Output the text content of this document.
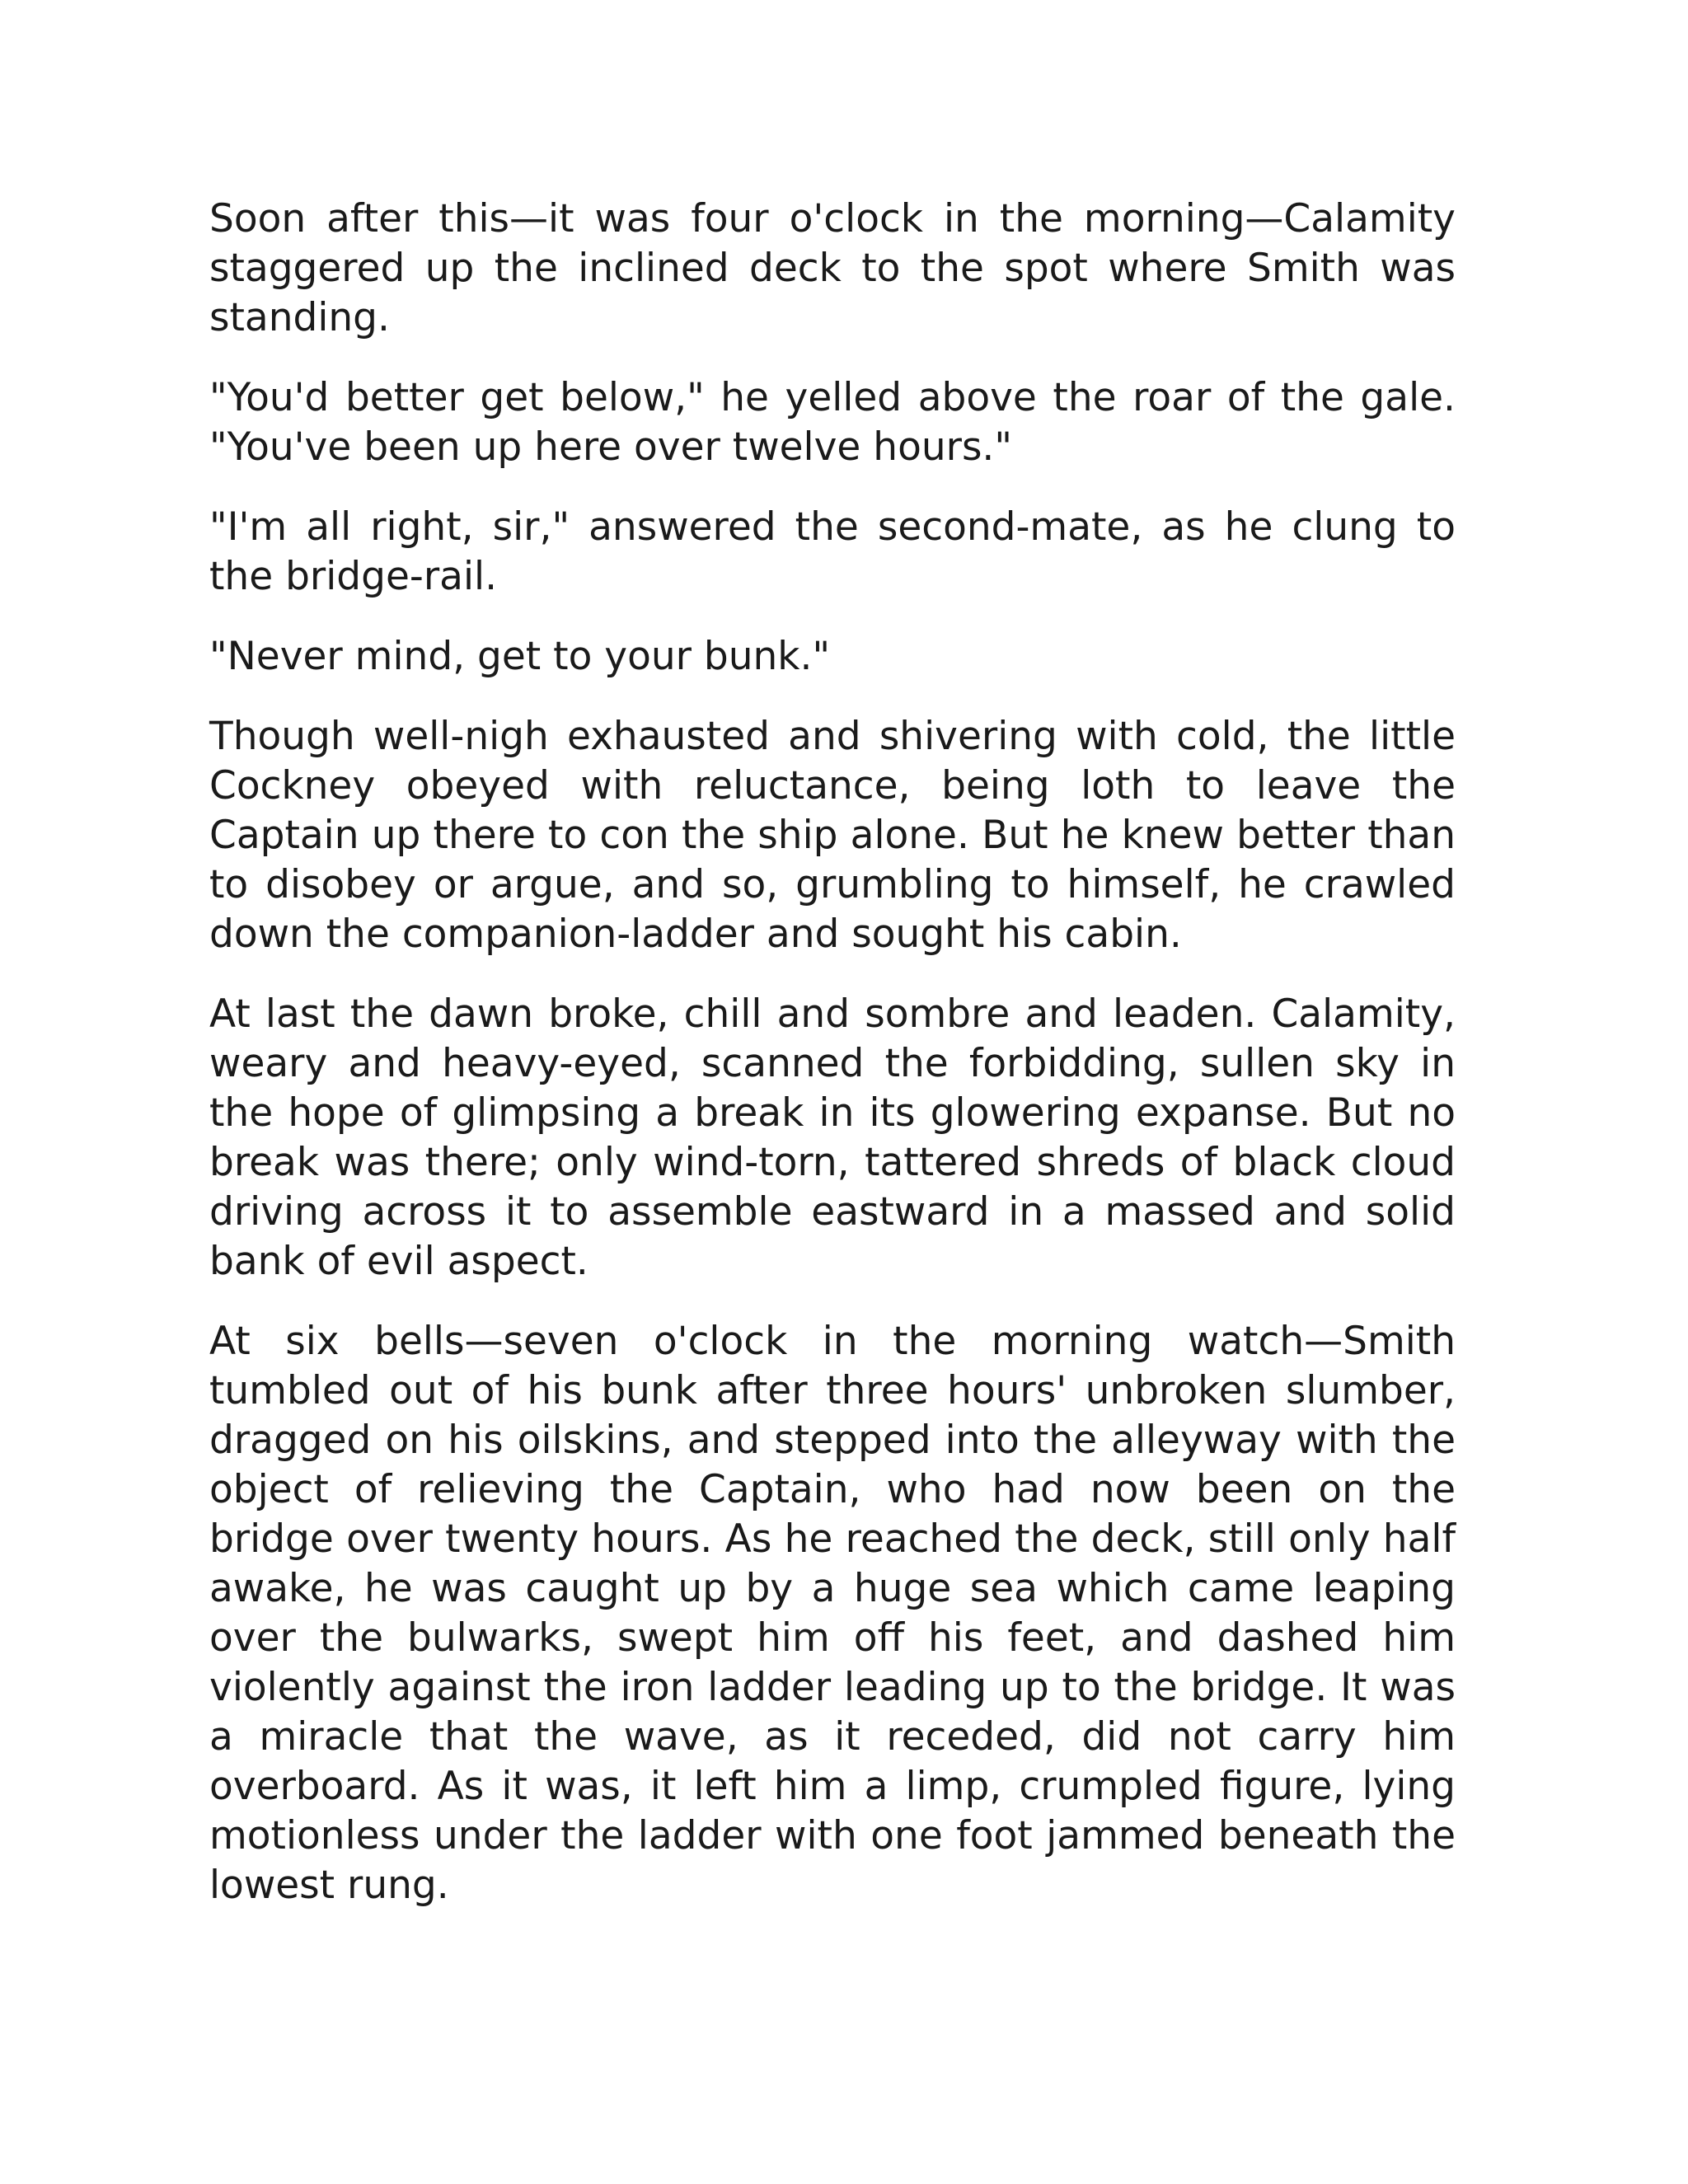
Soon after this—it was four o'clock in the morning—Calamity staggered up the inclined deck to the spot where Smith was standing.

"You'd better get below," he yelled above the roar of the gale. "You've been up here over twelve hours."

"I'm all right, sir," answered the second-mate, as he clung to the bridge-rail.

"Never mind, get to your bunk."

Though well-nigh exhausted and shivering with cold, the little Cockney obeyed with reluctance, being loth to leave the Captain up there to con the ship alone. But he knew better than to disobey or argue, and so, grumbling to himself, he crawled down the companion-ladder and sought his cabin.

At last the dawn broke, chill and sombre and leaden. Calamity, weary and heavy-eyed, scanned the forbidding, sullen sky in the hope of glimpsing a break in its glowering expanse. But no break was there; only wind-torn, tattered shreds of black cloud driving across it to assemble eastward in a massed and solid bank of evil aspect.

At six bells—seven o'clock in the morning watch—Smith tumbled out of his bunk after three hours' unbroken slumber, dragged on his oilskins, and stepped into the alleyway with the object of relieving the Captain, who had now been on the bridge over twenty hours. As he reached the deck, still only half awake, he was caught up by a huge sea which came leaping over the bulwarks, swept him off his feet, and dashed him violently against the iron ladder leading up to the bridge. It was a miracle that the wave, as it receded, did not carry him overboard. As it was, it left him a limp, crumpled figure, lying motionless under the ladder with one foot jammed beneath the lowest rung.
